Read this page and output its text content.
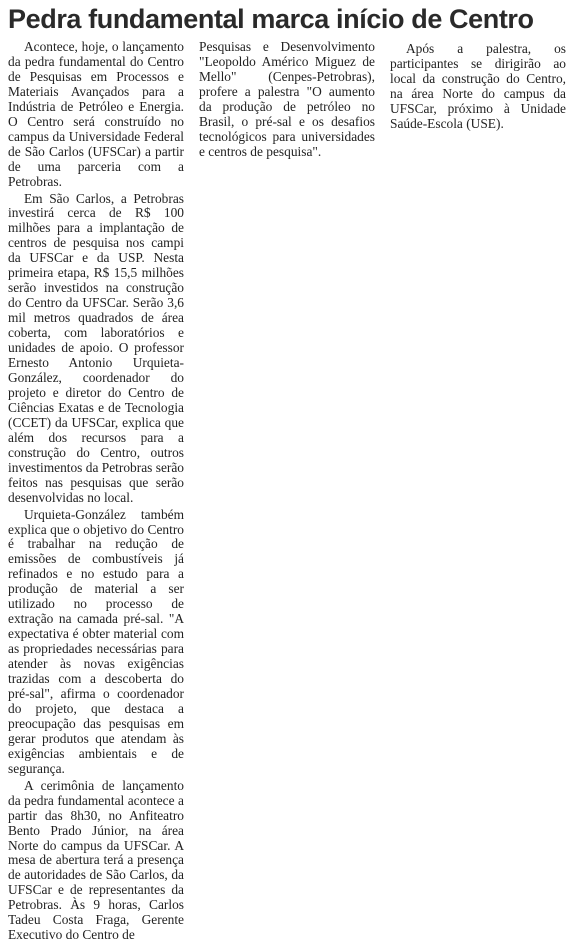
Pedra fundamental marca início de Centro

Acontece, hoje, o lançamento da pedra fundamental do Centro de Pesquisas em Processos e Materiais Avançados para a Indústria de Petróleo e Energia. O Centro será construído no campus da Universidade Federal de São Carlos (UFSCar) a partir de uma parceria com a Petrobras.

Em São Carlos, a Petrobras investirá cerca de R$ 100 milhões para a implantação de centros de pesquisa nos campi da UFSCar e da USP. Nesta primeira etapa, R$ 15,5 milhões serão investidos na construção do Centro da UFSCar. Serão 3,6 mil metros quadrados de área coberta, com laboratórios e unidades de apoio. O professor Ernesto Antonio Urquieta-González, coordenador do projeto e diretor do Centro de Ciências Exatas e de Tecnologia (CCET) da UFSCar, explica que além dos recursos para a construção do Centro, outros investimentos da Petrobras serão feitos nas pesquisas que serão desenvolvidas no local.

Urquieta-González também explica que o objetivo do Centro é trabalhar na redução de emissões de combustíveis já refinados e no estudo para a produção de material a ser utilizado no processo de extração na camada pré-sal. "A expectativa é obter material com as propriedades necessárias para atender às novas exigências trazidas com a descoberta do pré-sal", afirma o coordenador do projeto, que destaca a preocupação das pesquisas em gerar produtos que atendam às exigências ambientais e de segurança.

A cerimônia de lançamento da pedra fundamental acontece a partir das 8h30, no Anfiteatro Bento Prado Júnior, na área Norte do campus da UFSCar. A mesa de abertura terá a presença de autoridades de São Carlos, da UFSCar e de representantes da Petrobras. Às 9 horas, Carlos Tadeu Costa Fraga, Gerente Executivo do Centro de

Pesquisas e Desenvolvimento "Leopoldo Américo Miguez de Mello" (Cenpes-Petrobras), profere a palestra "O aumento da produção de petróleo no Brasil, o pré-sal e os desafios tecnológicos para universidades e centros de pesquisa".

Após a palestra, os participantes se dirigirão ao local da construção do Centro, na área Norte do campus da UFSCar, próximo à Unidade Saúde-Escola (USE).
